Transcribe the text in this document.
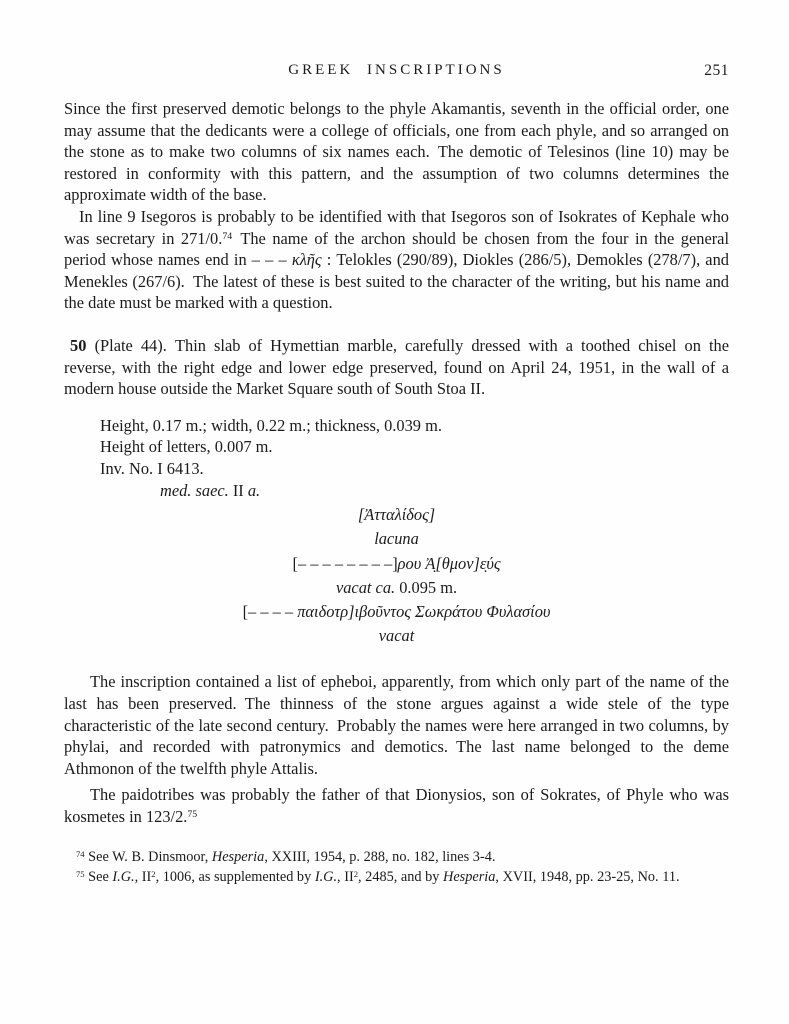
GREEK INSCRIPTIONS	251

Since the first preserved demotic belongs to the phyle Akamantis, seventh in the official order, one may assume that the dedicants were a college of officials, one from each phyle, and so arranged on the stone as to make two columns of six names each. The demotic of Telesinos (line 10) may be restored in conformity with this pattern, and the assumption of two columns determines the approximate width of the base.

In line 9 Isegoros is probably to be identified with that Isegoros son of Isokrates of Kephale who was secretary in 271/0.74 The name of the archon should be chosen from the four in the general period whose names end in – – – κλῆς : Telokles (290/89), Diokles (286/5), Demokles (278/7), and Menekles (267/6). The latest of these is best suited to the character of the writing, but his name and the date must be marked with a question.

50 (Plate 44). Thin slab of Hymettian marble, carefully dressed with a toothed chisel on the reverse, with the right edge and lower edge preserved, found on April 24, 1951, in the wall of a modern house outside the Market Square south of South Stoa II.

Height, 0.17 m.; width, 0.22 m.; thickness, 0.039 m.

Height of letters, 0.007 m.

Inv. No. I 6413.

med. saec. II a.

[Ἀτταλίδος]

lacuna

[– – – – – – – –]ρου Ἀ̣[θμον]ε̣ύς

vacat ca. 0.095 m.

[– – – – παιδοτρ]ιβοῦντος Σωκράτου Φυλασίου

vacat

The inscription contained a list of epheboi, apparently, from which only part of the name of the last has been preserved. The thinness of the stone argues against a wide stele of the type characteristic of the late second century. Probably the names were here arranged in two columns, by phylai, and recorded with patronymics and demotics. The last name belonged to the deme Athmonon of the twelfth phyle Attalis.

The paidotribes was probably the father of that Dionysios, son of Sokrates, of Phyle who was kosmetes in 123/2.75

$^{74}$ See W. B. Dinsmoor, Hesperia, XXIII, 1954, p. 288, no. 182, lines 3-4.

$^{75}$ See I.G., $II^2$, 1006, as supplemented by I.G., $II^2$, 2485, and by Hesperia, XVII, 1948, pp. 23-25, No. 11.
